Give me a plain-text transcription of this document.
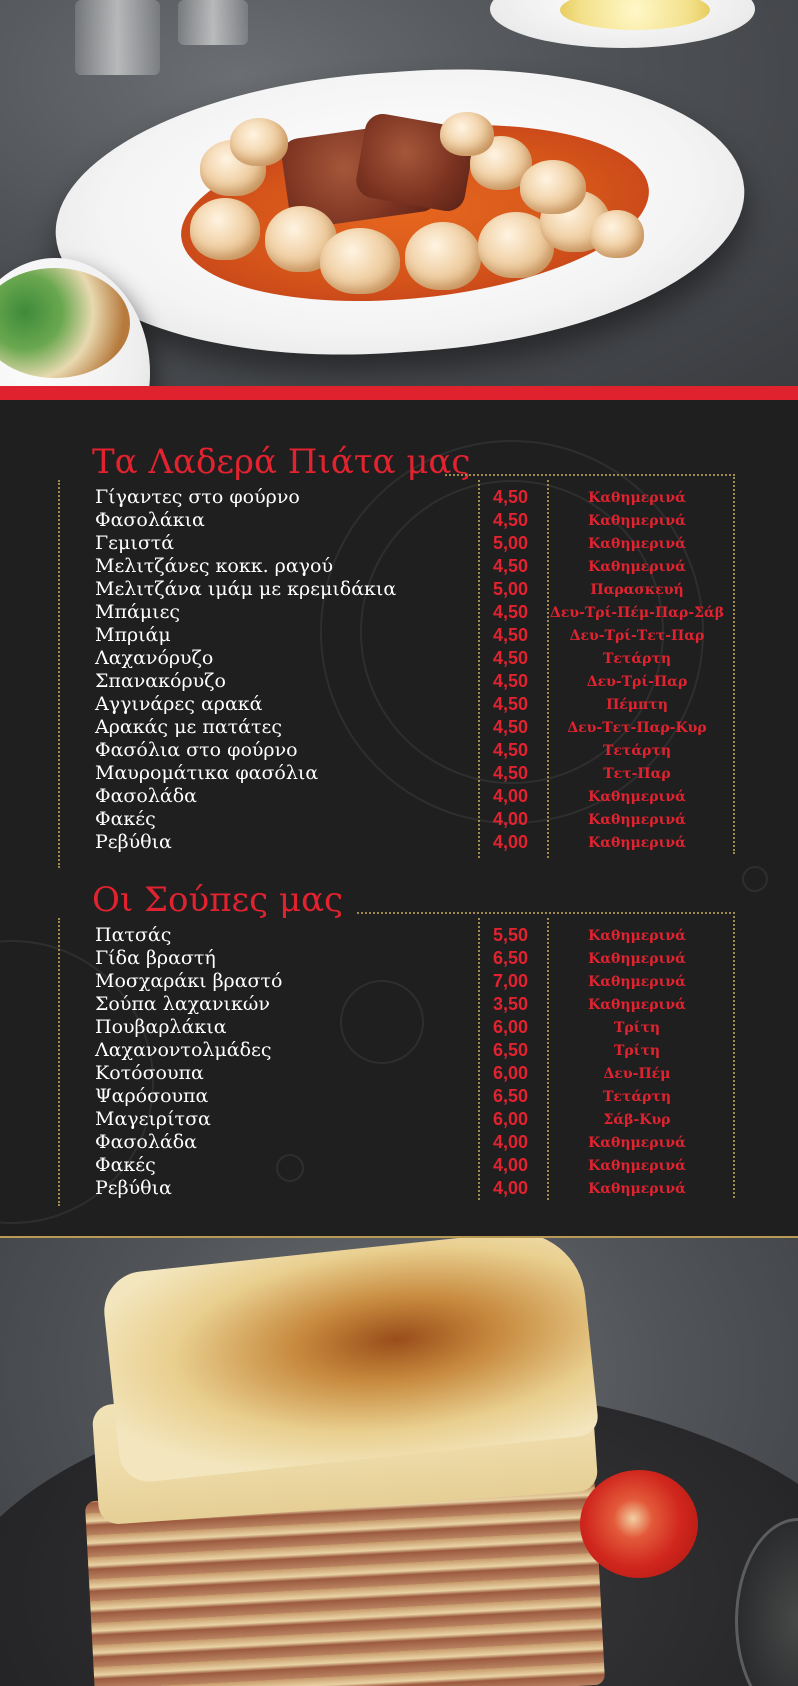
Τα Λαδερά Πιάτα μας
Γίγαντες στο φούρνο	4,50	Καθημερινά
Φασολάκια	4,50	Καθημερινά
Γεμιστά	5,00	Καθημερινά
Μελιτζάνες κοκκ. ραγού	4,50	Καθημερινά
Μελιτζάνα ιμάμ με κρεμιδάκια	5,00	Παρασκευή
Μπάμιες	4,50	Δευ-Τρί-Πέμ-Παρ-Σάβ
Μπριάμ	4,50	Δευ-Τρί-Τετ-Παρ
Λαχανόρυζο	4,50	Τετάρτη
Σπανακόρυζο	4,50	Δευ-Τρί-Παρ
Αγγινάρες αρακά	4,50	Πέμπτη
Αρακάς με πατάτες	4,50	Δευ-Τετ-Παρ-Κυρ
Φασόλια στο φούρνο	4,50	Τετάρτη
Μαυρομάτικα φασόλια	4,50	Τετ-Παρ
Φασολάδα	4,00	Καθημερινά
Φακές	4,00	Καθημερινά
Ρεβύθια	4,00	Καθημερινά
Οι Σούπες μας
Πατσάς	5,50	Καθημερινά
Γίδα βραστή	6,50	Καθημερινά
Μοσχαράκι βραστό	7,00	Καθημερινά
Σούπα λαχανικών	3,50	Καθημερινά
Πουβαρλάκια	6,00	Τρίτη
Λαχανοντολμάδες	6,50	Τρίτη
Κοτόσουπα	6,00	Δευ-Πέμ
Ψαρόσουπα	6,50	Τετάρτη
Μαγειρίτσα	6,00	Σάβ-Κυρ
Φασολάδα	4,00	Καθημερινά
Φακές	4,00	Καθημερινά
Ρεβύθια	4,00	Καθημερινά
